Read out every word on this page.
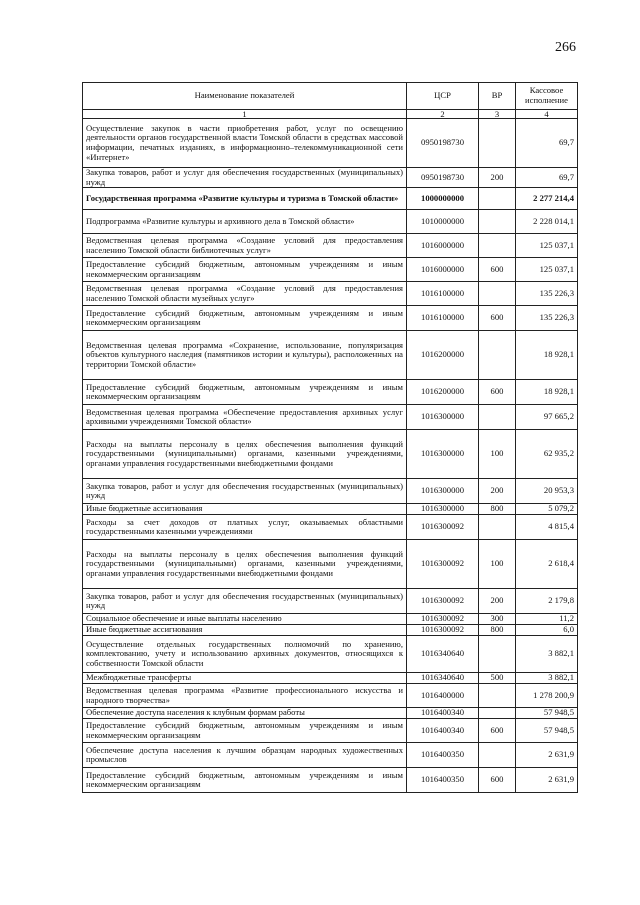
266
Наименование показателей	ЦСР	ВР	Кассовое исполнение
1	2	3	4
Осуществление закупок в части приобретения работ, услуг по освещению деятельности органов государственной власти Томской области в средствах массовой информации, печатных изданиях, в информационно–телекоммуникационной сети «Интернет»	0950198730		69,7
Закупка товаров, работ и услуг для обеспечения государственных (муниципальных) нужд	0950198730	200	69,7
Государственная программа «Развитие культуры и туризма в Томской области»	1000000000		2 277 214,4
Подпрограмма «Развитие культуры и архивного дела в Томской области»	1010000000		2 228 014,1
Ведомственная целевая программа «Создание условий для предоставления населению Томской области библиотечных услуг»	1016000000		125 037,1
Предоставление субсидий бюджетным, автономным учреждениям и иным некоммерческим организациям	1016000000	600	125 037,1
Ведомственная целевая программа «Создание условий для предоставления населению Томской области музейных услуг»	1016100000		135 226,3
Предоставление субсидий бюджетным, автономным учреждениям и иным некоммерческим организациям	1016100000	600	135 226,3
Ведомственная целевая программа «Сохранение, использование, популяризация объектов культурного наследия (памятников истории и культуры), расположенных на территории Томской области»	1016200000		18 928,1
Предоставление субсидий бюджетным, автономным учреждениям и иным некоммерческим организациям	1016200000	600	18 928,1
Ведомственная целевая программа «Обеспечение предоставления архивных услуг архивными учреждениями Томской области»	1016300000		97 665,2
Расходы на выплаты персоналу в целях обеспечения выполнения функций государственными (муниципальными) органами, казенными учреждениями, органами управления государственными внебюджетными фондами	1016300000	100	62 935,2
Закупка товаров, работ и услуг для обеспечения государственных (муниципальных) нужд	1016300000	200	20 953,3
Иные бюджетные ассигнования	1016300000	800	5 079,2
Расходы за счет доходов от платных услуг, оказываемых областными государственными казенными учреждениями	1016300092		4 815,4
Расходы на выплаты персоналу в целях обеспечения выполнения функций государственными (муниципальными) органами, казенными учреждениями, органами управления государственными внебюджетными фондами	1016300092	100	2 618,4
Закупка товаров, работ и услуг для обеспечения государственных (муниципальных) нужд	1016300092	200	2 179,8
Социальное обеспечение и иные выплаты населению	1016300092	300	11,2
Иные бюджетные ассигнования	1016300092	800	6,0
Осуществление отдельных государственных полномочий по хранению, комплектованию, учету и использованию архивных документов, относящихся к собственности Томской области	1016340640		3 882,1
Межбюджетные трансферты	1016340640	500	3 882,1
Ведомственная целевая программа «Развитие профессионального искусства и народного творчества»	1016400000		1 278 200,9
Обеспечение доступа населения к клубным формам работы	1016400340		57 948,5
Предоставление субсидий бюджетным, автономным учреждениям и иным некоммерческим организациям	1016400340	600	57 948,5
Обеспечение доступа населения к лучшим образцам народных художественных промыслов	1016400350		2 631,9
Предоставление субсидий бюджетным, автономным учреждениям и иным некоммерческим организациям	1016400350	600	2 631,9
